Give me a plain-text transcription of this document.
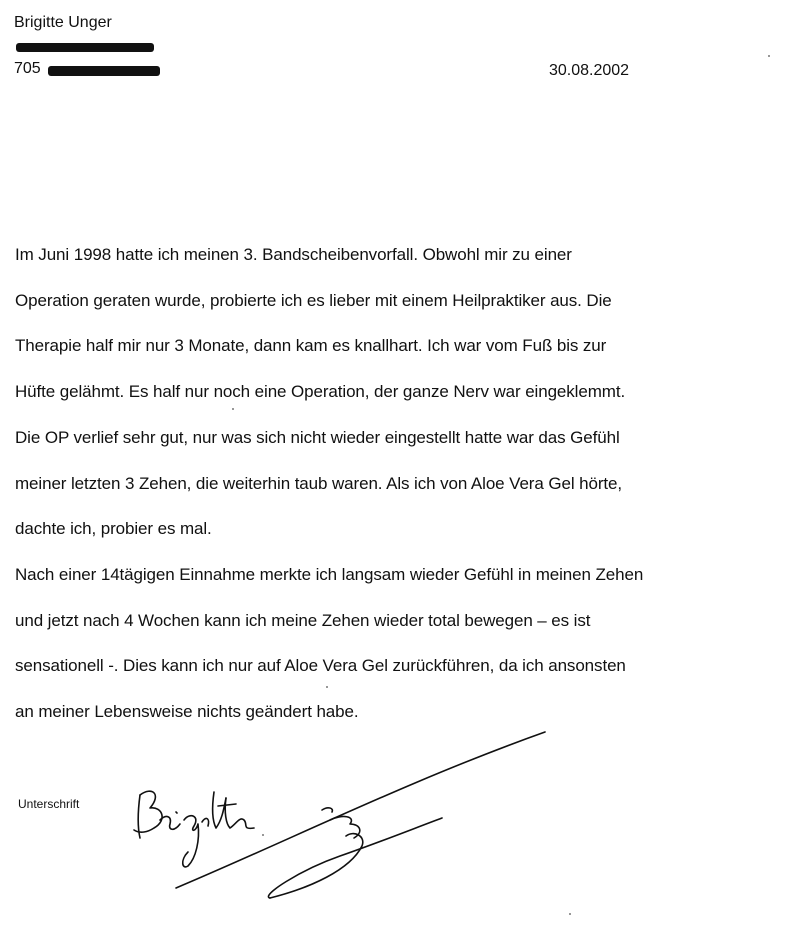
Brigitte Unger
705	30.08.2002
Im Juni 1998 hatte ich meinen 3. Bandscheibenvorfall. Obwohl mir zu einer
Operation geraten wurde, probierte ich es lieber mit einem Heilpraktiker aus. Die
Therapie half mir nur 3 Monate, dann kam es knallhart. Ich war vom Fuß bis zur
Hüfte gelähmt. Es half nur noch eine Operation, der ganze Nerv war eingeklemmt.
Die OP verlief sehr gut, nur was sich nicht wieder eingestellt hatte war das Gefühl
meiner letzten 3 Zehen, die weiterhin taub waren. Als ich von Aloe Vera Gel hörte,
dachte ich, probier es mal.
Nach einer 14tägigen Einnahme merkte ich langsam wieder Gefühl in meinen Zehen
und jetzt nach 4 Wochen kann ich meine Zehen wieder total bewegen – es ist
sensationell -. Dies kann ich nur auf Aloe Vera Gel zurückführen, da ich ansonsten
an meiner Lebensweise nichts geändert habe.
Unterschrift
